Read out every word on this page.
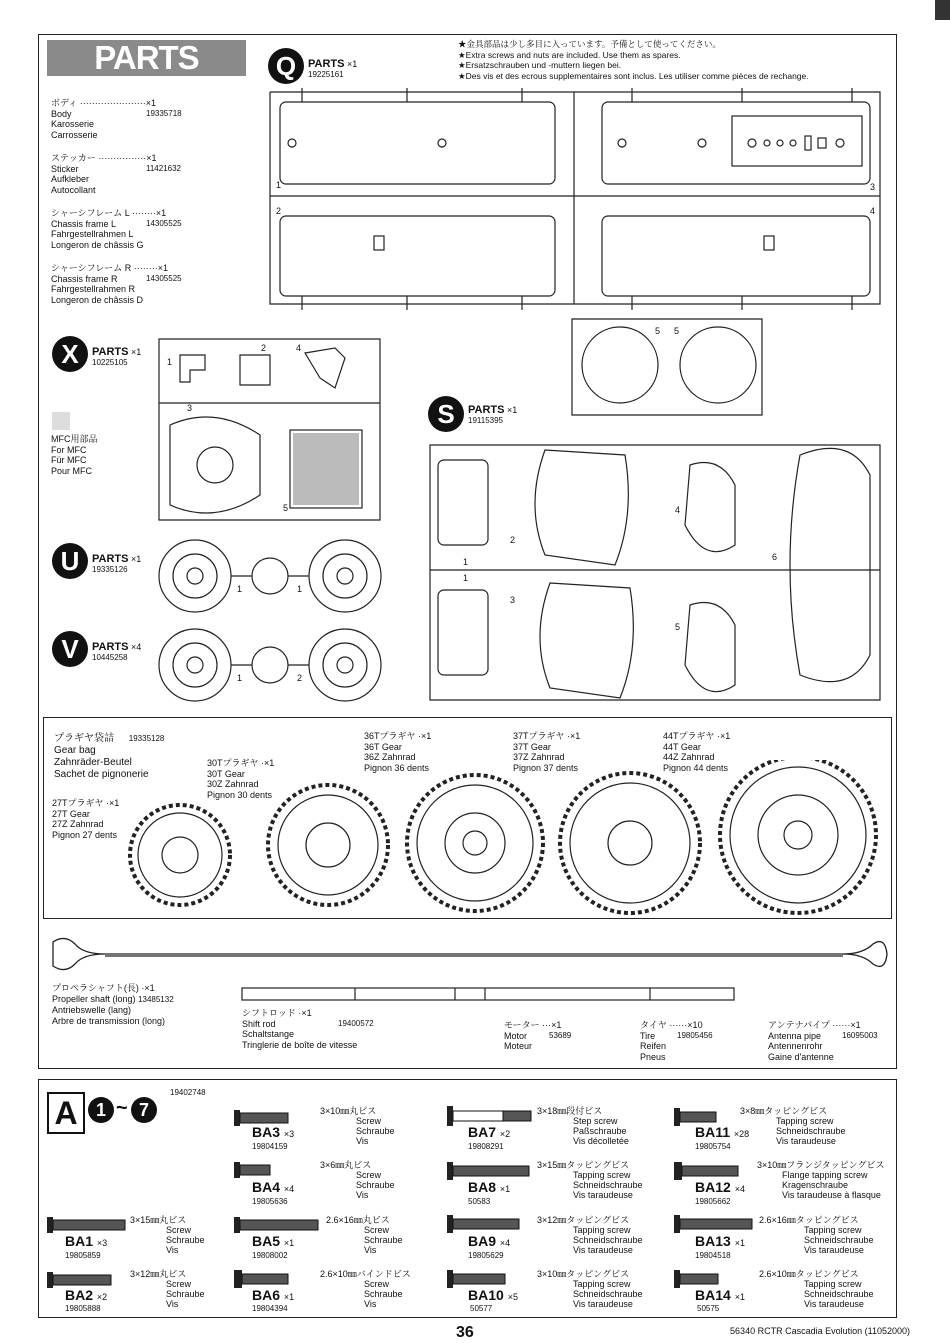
PARTS	★金具部品は少し多目に入っています。予備として使ってください。
★Extra screws and nuts are included. Use them as spares.
★Ersatzschrauben und -muttern liegen bei.
★Des vis et des ecrous supplementaires sont inclus. Les utiliser comme pièces de rechange.
ボディ ······················×1
Body	19335718
Karosserie
Carrosserie
ステッカー ················×1
Sticker	11421632
Aufkleber
Autocollant
シャーシフレーム L ········×1
Chassis frame L	14305525
Fahrgestellrahmen L
Longeron de châssis G
シャーシフレーム R ········×1
Chassis frame R	14305525
Fahrgestellrahmen R
Longeron de châssis D
Q	PARTS ×1
19225161
1
2
3
4
X	PARTS ×1
10225105	1
2
3
4
5
MFC用部品
For MFC
Für MFC
Pour MFC
S	PARTS ×1
19115395
1
1
2
3
4
5 5
5
6
U	PARTS ×1
19335126
1	1
V	PARTS ×4
10445258
1	2
プラギヤ袋詰 19335128
Gear bag
Zahnräder-Beutel
Sachet de pignonerie
27Tプラギヤ ·×1
27T Gear
27Z Zahnrad
Pignon 27 dents
30Tプラギヤ ·×1
30T Gear
30Z Zahnrad
Pignon 30 dents
36Tプラギヤ ·×1
36T Gear
36Z Zahnrad
Pignon 36 dents
37Tプラギヤ ·×1
37T Gear
37Z Zahnrad
Pignon 37 dents
44Tプラギヤ ·×1
44T Gear
44Z Zahnrad
Pignon 44 dents
プロペラシャフト(長) ·×1
Propeller shaft (long) 13485132
Antriebswelle (lang)
Arbre de transmission (long)
シフトロッド ·×1
Shift rod	19400572
Schaltstange
Tringlerie de boîte de vitesse
モーター ···×1
Motor	53689
Moteur
タイヤ ······×10
Tire	19805456
Reifen
Pneus
アンテナパイプ ······×1
Antenna pipe	16095003
Antennenrohr
Gaine d'antenne
A	1 ~ 7
19402748
BA3 ×3
19804159
3×10㎜丸ビス
Screw
Schraube
Vis
BA7 ×2
19808291
3×18㎜段付ビス
Step screw
Paßschraube
Vis décolletée
BA11 ×28
19805754
3×8㎜タッピングビス
Tapping screw
Schneidschraube
Vis taraudeuse
BA4 ×4
19805636
3×6㎜丸ビス
Screw
Schraube
Vis	BA8 ×1
50583
3×15㎜タッピングビス
Tapping screw
Schneidschraube
Vis taraudeuse	BA12 ×4
19805662
3×10㎜フランジタッピングビス
Flange tapping screw
Kragenschraube
Vis taraudeuse à flasque
BA1 ×3
19805859
3×15㎜丸ビス
Screw
Schraube
Vis
BA5 ×1
19808002
2.6×16㎜丸ビス
Screw
Schraube
Vis
BA9 ×4
19805629
3×12㎜タッピングビス
Tapping screw
Schneidschraube
Vis taraudeuse
BA13 ×1
19804518
2.6×16㎜タッピングビス
Tapping screw
Schneidschraube
Vis taraudeuse
BA2 ×2
19805888
3×12㎜丸ビス
Screw
Schraube
Vis
BA6 ×1
19804394
2.6×10㎜バインドビス
Screw
Schraube
Vis
BA10 ×5
50577
3×10㎜タッピングビス
Tapping screw
Schneidschraube
Vis taraudeuse
BA14 ×1
50575
2.6×10㎜タッピングビス
Tapping screw
Schneidschraube
Vis taraudeuse
36	56340 RCTR Cascadia Evolution (11052000)
